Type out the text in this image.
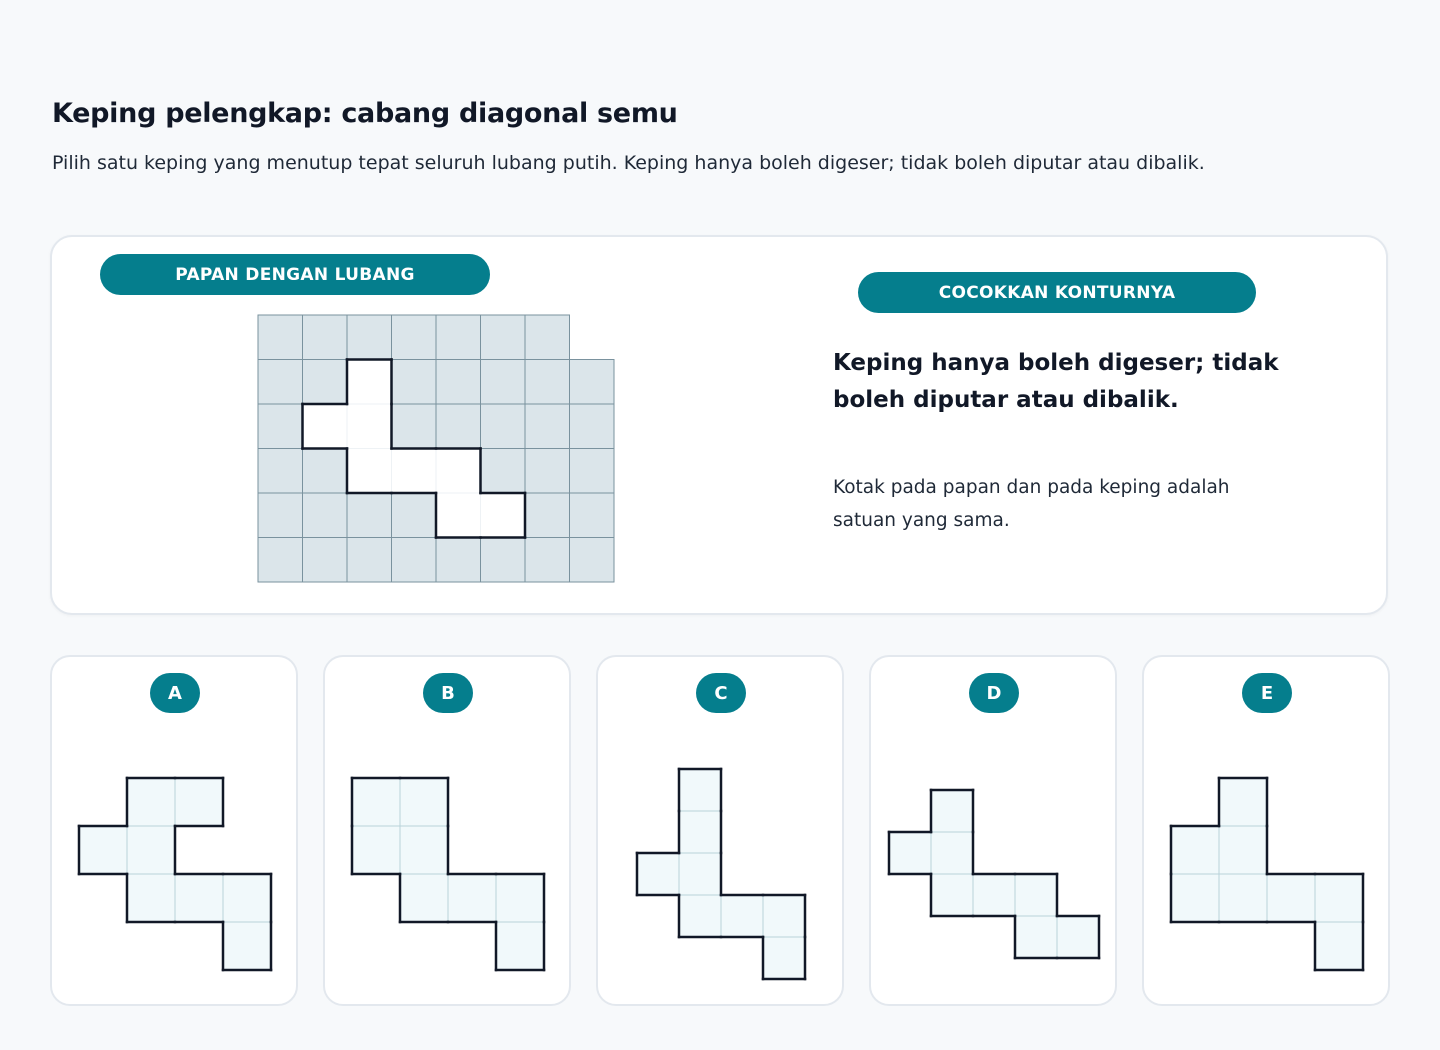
Keping pelengkap: cabang diagonal semu

Pilih satu keping yang menutup tepat seluruh lubang putih. Keping hanya boleh digeser; tidak boleh diputar atau dibalik.

PAPAN DENGAN LUBANG
COCOKKAN KONTURNYA

Keping hanya boleh digeser; tidak boleh diputar atau dibalik.

Kotak pada papan dan pada keping adalah satuan yang sama.

A	B	C	D	E
